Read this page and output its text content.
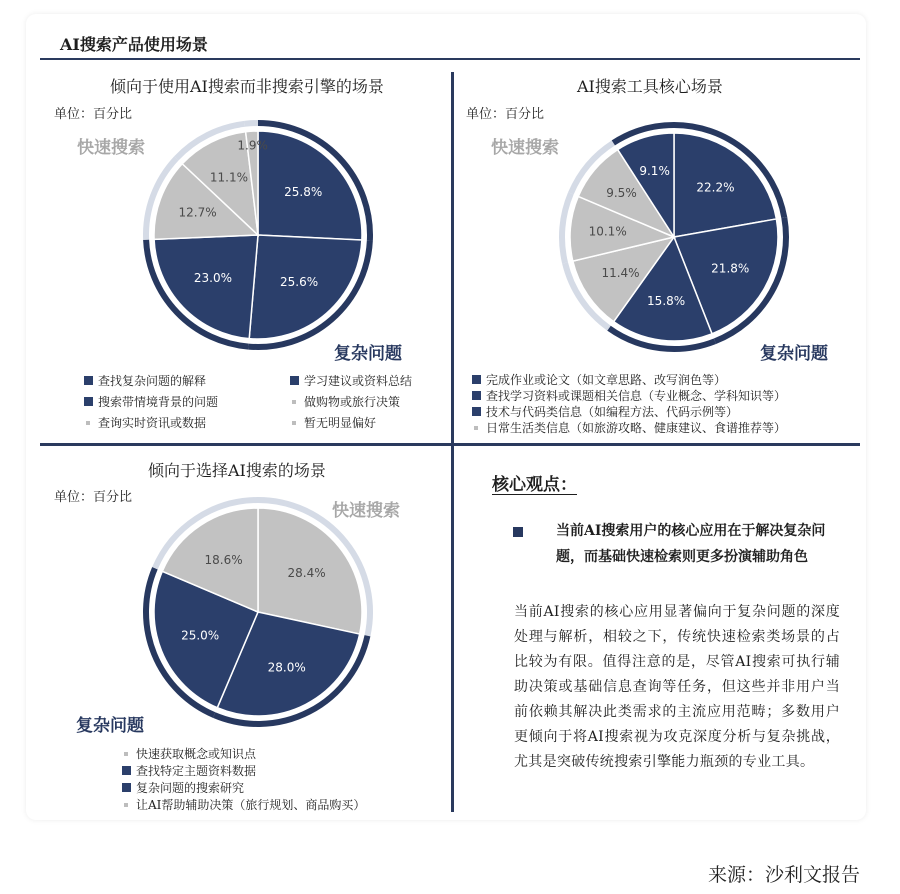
AI搜索产品使用场景
倾向于使用AI搜索而非搜索引擎的场景
单位：百分比
快速搜索
复杂问题
25.8%
25.6%
23.0%
12.7%
11.1%
1.9%
查找复杂问题的解释	学习建议或资料总结
搜索带情境背景的问题	做购物或旅行决策
查询实时资讯或数据	暂无明显偏好
AI搜索工具核心场景
单位：百分比
快速搜索
复杂问题
22.2%
21.8%
15.8%
11.4%
10.1%
9.5%
9.1%
完成作业或论文（如文章思路、改写润色等）
查找学习资料或课题相关信息（专业概念、学科知识等）
技术与代码类信息（如编程方法、代码示例等）
日常生活类信息（如旅游攻略、健康建议、食谱推荐等）
倾向于选择AI搜索的场景
单位：百分比
快速搜索
复杂问题
28.4%
28.0%
25.0%
18.6%
快速获取概念或知识点
查找特定主题资料数据
复杂问题的搜索研究
让AI帮助辅助决策（旅行规划、商品购买）
核心观点：
当前AI搜索用户的核心应用在于解决复杂问题，而基础快速检索则更多扮演辅助角色
当前AI搜索的核心应用显著偏向于复杂问题的深度处理与解析，相较之下，传统快速检索类场景的占比较为有限。值得注意的是，尽管AI搜索可执行辅助决策或基础信息查询等任务，但这些并非用户当前依赖其解决此类需求的主流应用范畴；多数用户更倾向于将AI搜索视为攻克深度分析与复杂挑战，尤其是突破传统搜索引擎能力瓶颈的专业工具。
来源：沙利文报告
